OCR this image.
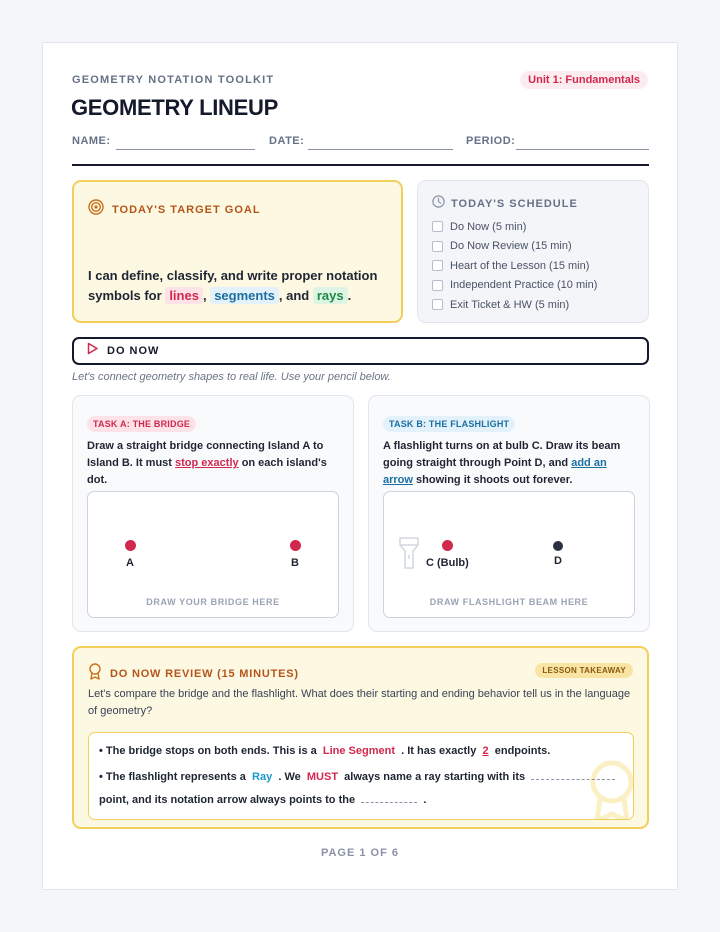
GEOMETRY NOTATION TOOLKIT	Unit 1: Fundamentals
GEOMETRY LINEUP
NAME:	DATE:	PERIOD:
TODAY'S TARGET GOAL
I can define, classify, and write proper notation symbols for lines , segments , and rays .
TODAY'S SCHEDULE
Do Now (5 min)
Do Now Review (15 min)
Heart of the Lesson (15 min)
Independent Practice (10 min)
Exit Ticket & HW (5 min)
DO NOW
Let's connect geometry shapes to real life. Use your pencil below.
TASK A: THE BRIDGE
Draw a straight bridge connecting Island A to Island B. It must stop exactly on each island's dot.
A	B
DRAW YOUR BRIDGE HERE
TASK B: THE FLASHLIGHT
A flashlight turns on at bulb C. Draw its beam going straight through Point D, and add an arrow showing it shoots out forever.
C (Bulb)	D
DRAW FLASHLIGHT BEAM HERE
DO NOW REVIEW (15 MINUTES)	LESSON TAKEAWAY
Let's compare the bridge and the flashlight. What does their starting and ending behavior tell us in the language of geometry?
• The bridge stops on both ends. This is a Line Segment . It has exactly 2 endpoints.
• The flashlight represents a Ray . We MUST always name a ray starting with its
point, and its notation arrow always points to the	.
PAGE 1 OF 6
